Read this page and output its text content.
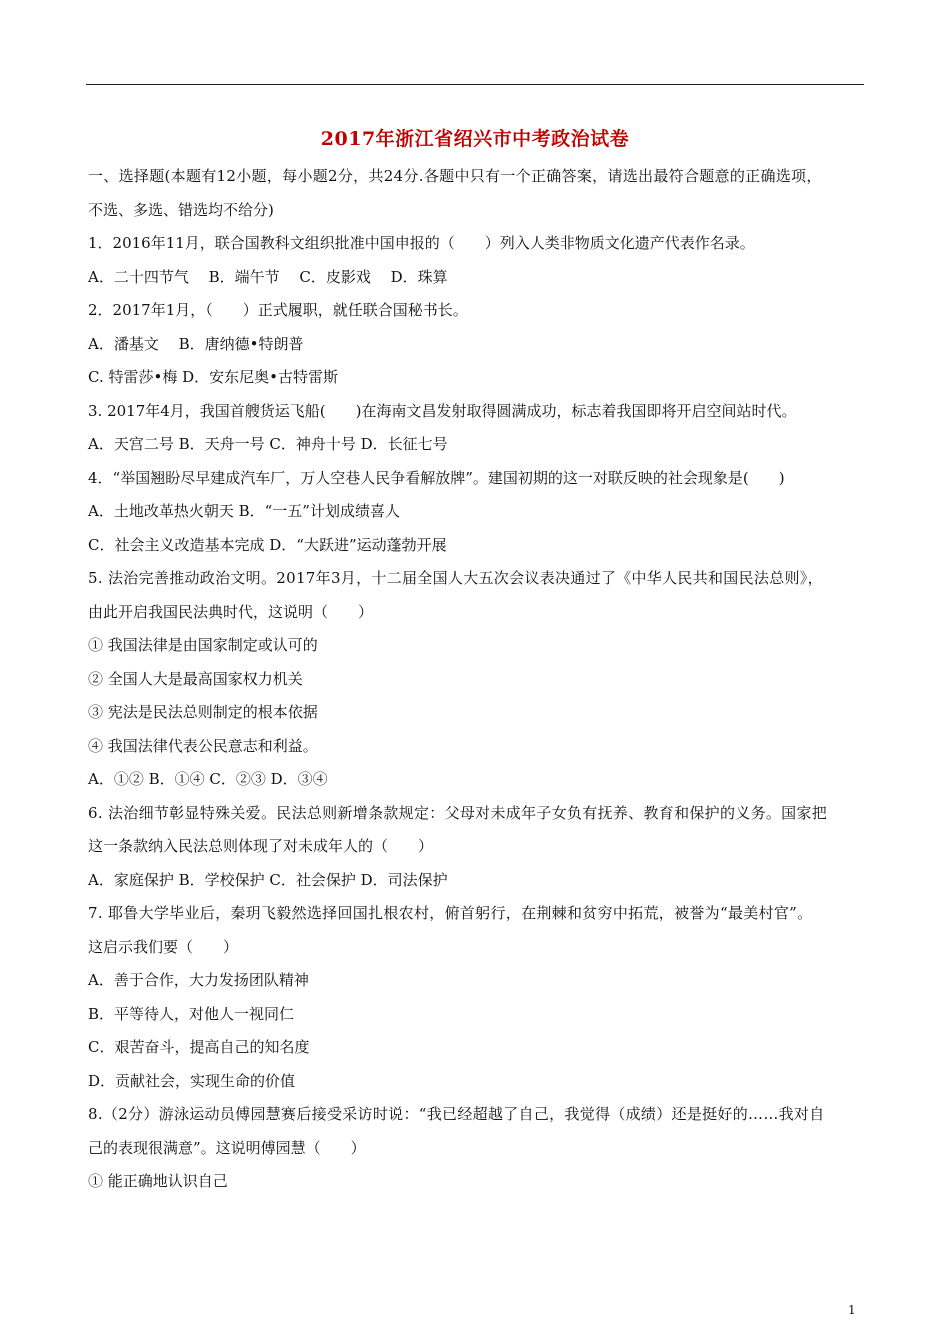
2017年浙江省绍兴市中考政治试卷
一、选择题(本题有12小题，每小题2分，共24分.各题中只有一个正确答案，请选出最符合题意的正确选项，
不选、多选、错选均不给分)
1．2016年11月，联合国教科文组织批准中国申报的（　　）列入人类非物质文化遗产代表作名录。
A．二十四节气　 B．端午节　 C．皮影戏　 D．珠算
2．2017年1月，（　　）正式履职，就任联合国秘书长。
A．潘基文　 B．唐纳德•特朗普
C. 特雷莎•梅 D．安东尼奥•古特雷斯
3. 2017年4月，我国首艘货运飞船(　　)在海南文昌发射取得圆满成功，标志着我国即将开启空间站时代。
A．天宫二号 B．天舟一号 C．神舟十号 D．长征七号
4．“举国翘盼尽早建成汽车厂，万人空巷人民争看解放牌”。建国初期的这一对联反映的社会现象是(　　)
A．土地改革热火朝天 B．“一五”计划成绩喜人
C．社会主义改造基本完成 D．“大跃进”运动蓬勃开展
5. 法治完善推动政治文明。2017年3月，十二届全国人大五次会议表决通过了《中华人民共和国民法总则》，
由此开启我国民法典时代，这说明（　　）
① 我国法律是由国家制定或认可的
② 全国人大是最高国家权力机关
③ 宪法是民法总则制定的根本依据
④ 我国法律代表公民意志和利益。
A．①② B．①④ C．②③ D．③④
6. 法治细节彰显特殊关爱。民法总则新增条款规定：父母对未成年子女负有抚养、教育和保护的义务。国家把
这一条款纳入民法总则体现了对未成年人的（　　）
A．家庭保护 B．学校保护 C．社会保护 D．司法保护
7. 耶鲁大学毕业后，秦玥飞毅然选择回国扎根农村，俯首躬行，在荆棘和贫穷中拓荒，被誉为“最美村官”。
这启示我们要（　　）
A．善于合作，大力发扬团队精神
B．平等待人，对他人一视同仁
C．艰苦奋斗，提高自己的知名度
D．贡献社会，实现生命的价值
8.（2分）游泳运动员傅园慧赛后接受采访时说：“我已经超越了自己，我觉得（成绩）还是挺好的……我对自
己的表现很满意”。这说明傅园慧（　　）
① 能正确地认识自己
1
